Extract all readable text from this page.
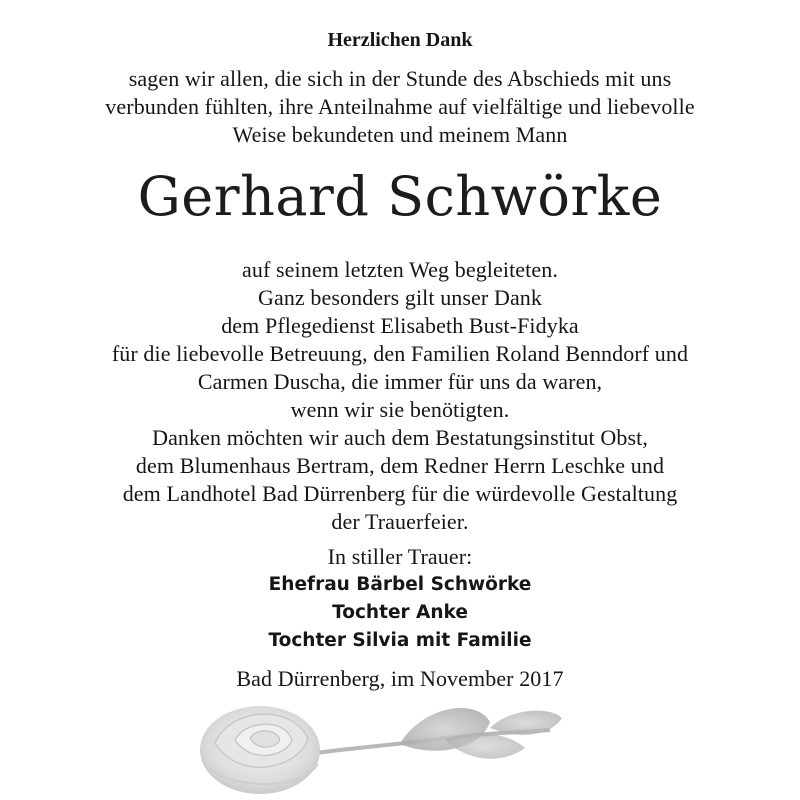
Herzlichen Dank
sagen wir allen, die sich in der Stunde des Abschieds mit uns
verbunden fühlten, ihre Anteilnahme auf vielfältige und liebevolle
Weise bekundeten und meinem Mann
Gerhard Schwörke
auf seinem letzten Weg begleiteten.
Ganz besonders gilt unser Dank
dem Pflegedienst Elisabeth Bust-Fidyka
für die liebevolle Betreuung, den Familien Roland Benndorf und
Carmen Duscha, die immer für uns da waren,
wenn wir sie benötigten.
Danken möchten wir auch dem Bestatungsinstitut Obst,
dem Blumenhaus Bertram, dem Redner Herrn Leschke und
dem Landhotel Bad Dürrenberg für die würdevolle Gestaltung
der Trauerfeier.
In stiller Trauer:
Ehefrau Bärbel Schwörke
Tochter Anke
Tochter Silvia mit Familie
Bad Dürrenberg, im November 2017
